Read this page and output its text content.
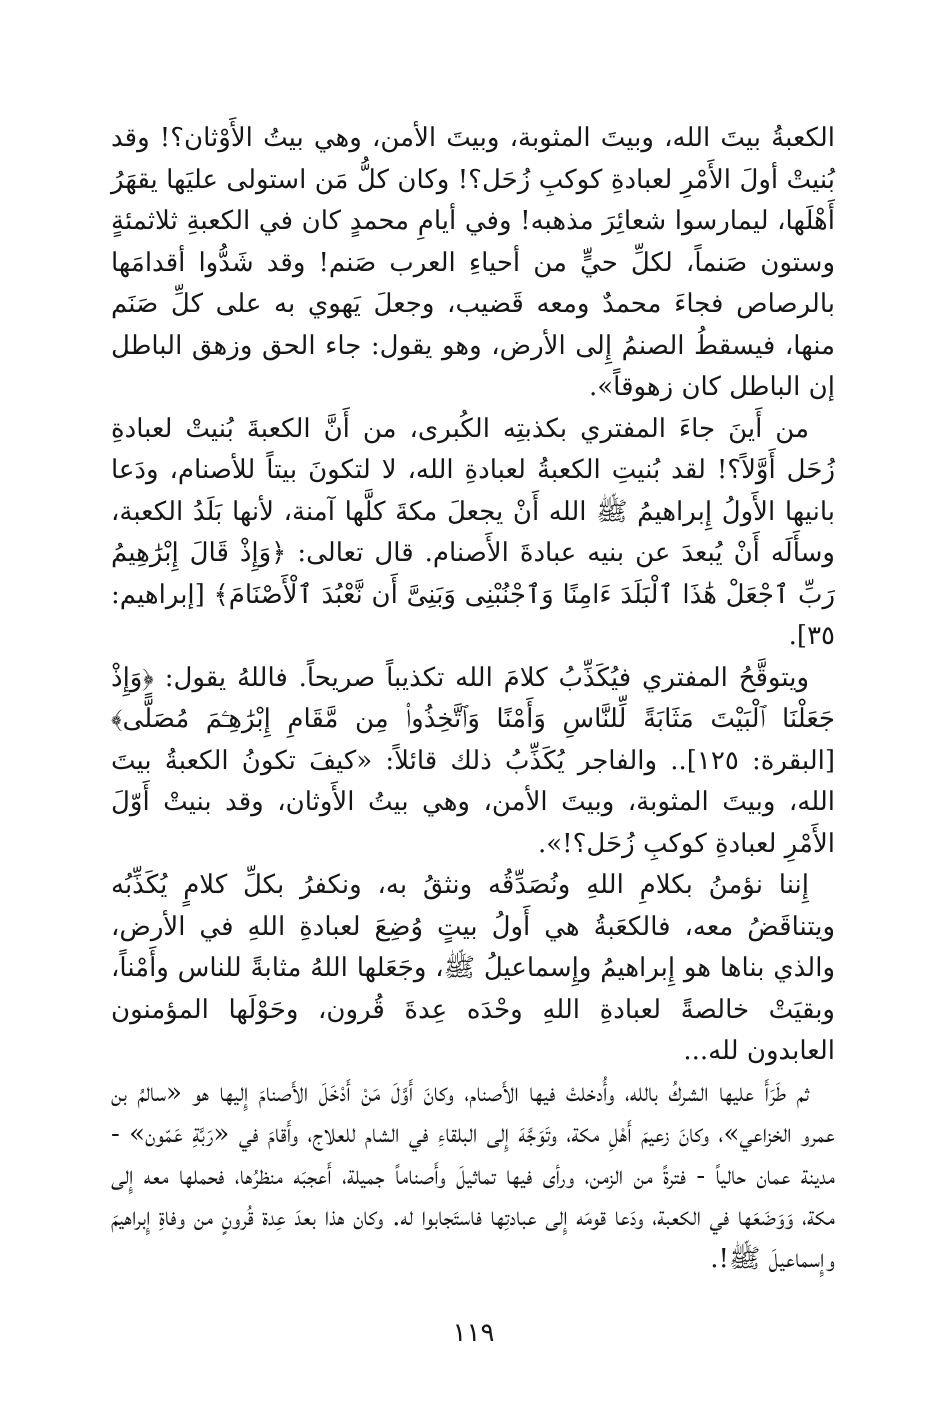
الكعبةُ بيتَ الله، وبيتَ المثوبة، وبيتَ الأمن، وهي بيتُ الأَوْثان؟! وقد بُنيتْ أولَ الأَمْرِ لعبادةِ كوكبِ زُحَل؟! وكان كلُّ مَن استولى عليَها يقهَرُ أَهْلَها، ليمارسوا شعائِرَ مذهبه! وفي أيامِ محمدٍ كان في الكعبةِ ثلاثمئةٍ وستون صَنماً، لكلِّ حيٍّ من أحياءِ العرب صَنم! وقد شَدُّوا أقدامَها بالرصاص فجاءَ محمدٌ ومعه قَضيب، وجعلَ يَهوي به على كلِّ صَنَم منها، فيسقطُ الصنمُ إِلى الأرض، وهو يقول: جاء الحق وزهق الباطل إن الباطل كان زهوقاً».

من أَينَ جاءَ المفتري بكذبتِه الكُبرى، من أَنَّ الكعبةَ بُنيتْ لعبادةِ زُحَل أَوَّلاً؟! لقد بُنيتِ الكعبةُ لعبادةِ الله، لا لتكونَ بيتاً للأصنام، ودَعا بانيها الأَولُ إِبراهيمُ ﷺ الله أَنْ يجعلَ مكةَ كلَّها آمنة، لأنها بَلَدُ الكعبة، وسأَلَه أَنْ يُبعدَ عن بنيه عبادةَ الأَصنام. قال تعالى: ﴿وَإِذْ قَالَ إِبْرَٰهِيمُ رَبِّ ٱجْعَلْ هَٰذَا ٱلْبَلَدَ ءَامِنًا وَٱجْنُبْنِى وَبَنِىَّ أَن نَّعْبُدَ ٱلْأَصْنَامَ﴾ [إبراهيم: ٣٥].

ويتوقَّحُ المفتري فيُكَذِّبُ كلامَ الله تكذيباً صريحاً. فاللهُ يقول: ﴿وَإِذْ جَعَلْنَا ٱلْبَيْتَ مَثَابَةً لِّلنَّاسِ وَأَمْنًا وَٱتَّخِذُوا۟ مِن مَّقَامِ إِبْرَٰهِـۧمَ مُصَلًّى﴾ [البقرة: ١٢٥].. والفاجر يُكَذِّبُ ذلك قائلاً: «كيفَ تكونُ الكعبةُ بيتَ الله، وبيتَ المثوبة، وبيتَ الأمن، وهي بيتُ الأَوثان، وقد بنيتْ أَوّلَ الأَمْرِ لعبادةِ كوكبِ زُحَل؟!».

إِننا نؤمنُ بكلامِ اللهِ ونُصَدِّقُه ونثقُ به، ونكفرُ بكلِّ كلامٍ يُكَذِّبُه ويتناقَضُ معه، فالكعَبةُ هي أَولُ بيتٍ وُضِعَ لعبادةِ اللهِ في الأرض، والذي بناها هو إِبراهيمُ وإِسماعيلُ ﷺ، وجَعَلها اللهُ مثابةً للناس وأَمْناً، وبقيَتْ خالصةً لعبادةِ اللهِ وحْدَه عِدةَ قُرون، وحَوْلَها المؤمنون العابدون لله...

ثم طَرَأَ عليها الشركُ بالله، وأُدخلتْ فيها الأَصنام، وكانَ أَوَّلَ مَنْ أَدْخَلَ الأَصنامَ إِليها هو «سالمُ بن عمرو الخزاعي»، وكانَ زعيمَ أَهْلِ مكة، وتَوَجَّهَ إِلى البلقاءِ في الشام للعلاج، وأَقامَ في «رَبَّةِ عَمّون» - مدينة عمان حالياً - فترةً من الزمن، ورأى فيها تماثيلَ وأَصناماً جميلة، أَعجبَه منظرُها، فحملها معه إِلى مكة، وَوَضَعَها في الكعبة، ودَعا قومَه إِلى عبادتِها فاستَجابوا له. وكان هذا بعدَ عِدة قُرونٍ من وفاةِ إِبراهيمَ وإِسماعيلَ ﷺ!.

١١٩
